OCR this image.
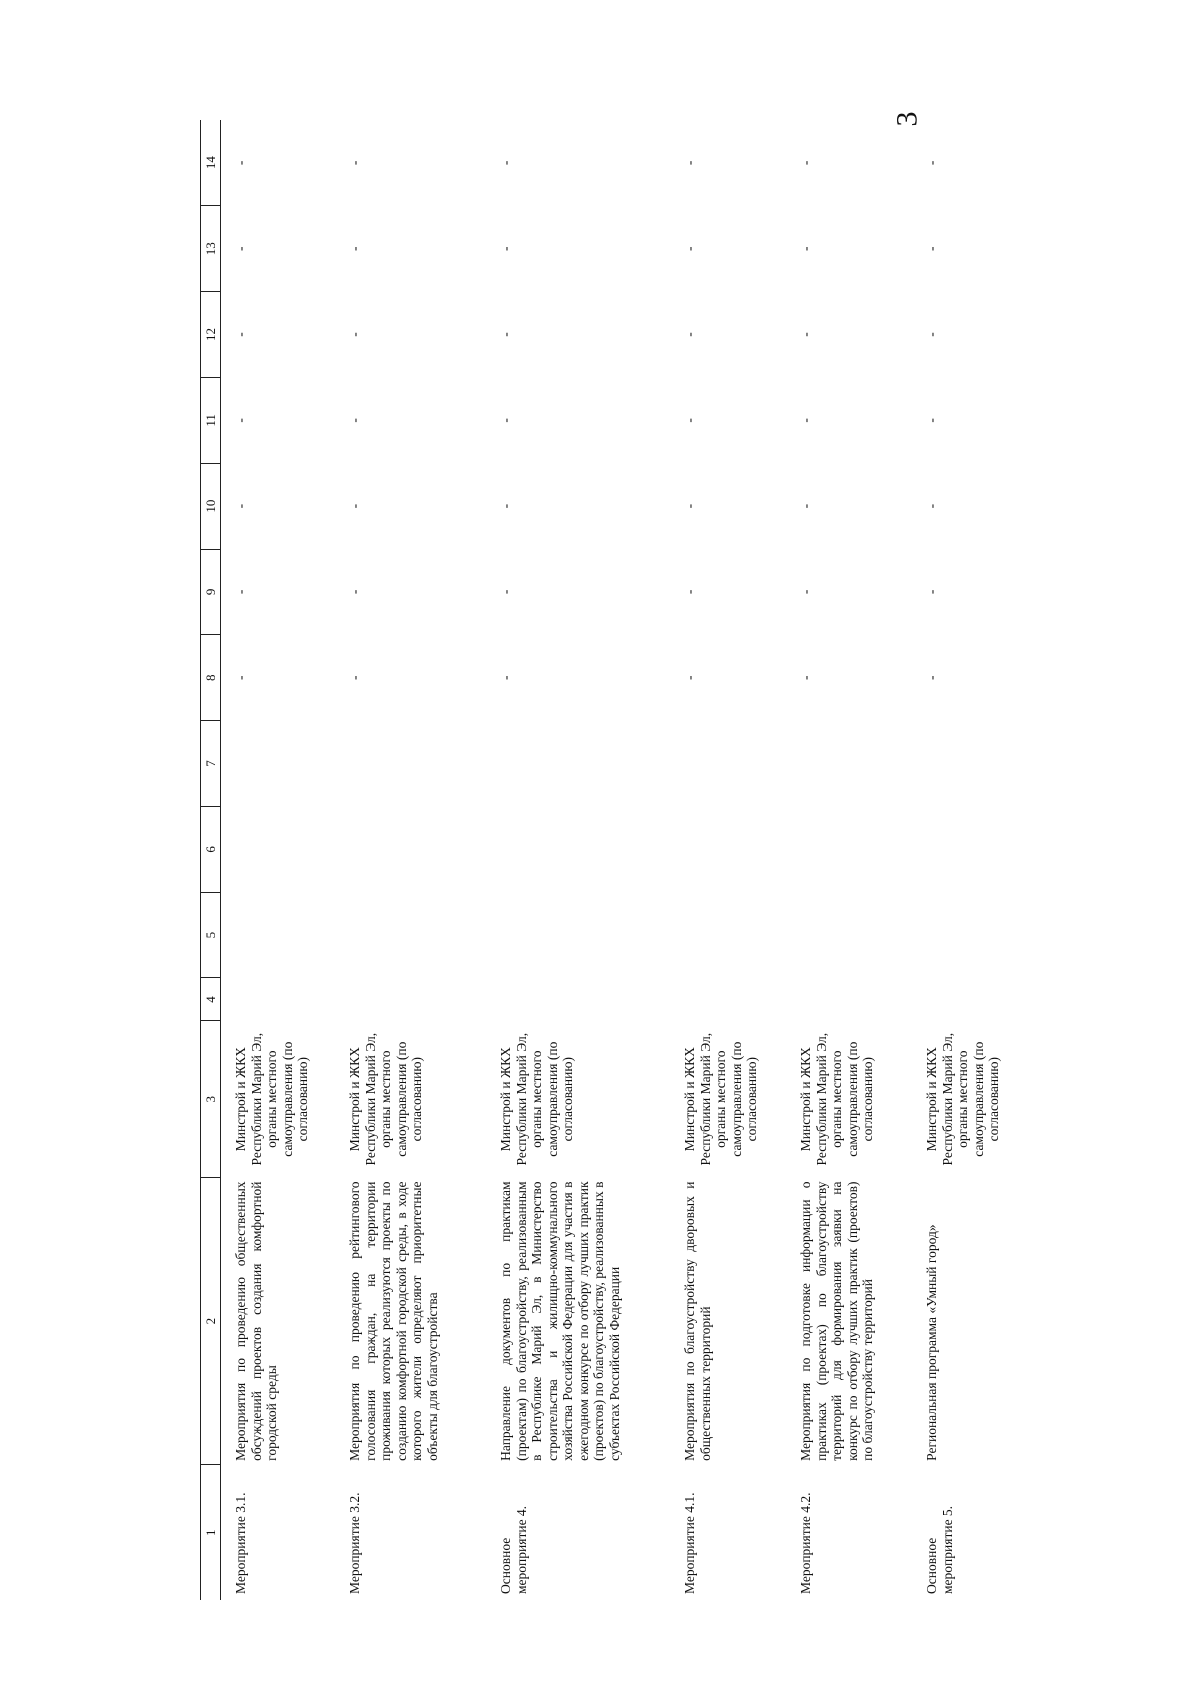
3
1	2	3	4	5	6	7	8	9	10	11	12	13	14
Мероприятие 3.1.	Мероприятия по проведению общественных обсуждений проектов создания комфортной городской среды	Минстрой и ЖКХ Республики Марий Эл, органы местного самоуправления (по согласованию)					-	-	-	-	-	-	-
Мероприятие 3.2.	Мероприятия по проведению рейтингового голосования граждан, на территории проживания которых реализуются проекты по созданию комфортной городской среды, в ходе которого жители определяют приоритетные объекты для благоустройства	Минстрой и ЖКХ Республики Марий Эл, органы местного самоуправления (по согласованию)					-	-	-	-	-	-	-
Основное мероприятие 4.	Направление документов по практикам (проектам) по благоустройству, реализованным в Республике Марий Эл, в Министерство строительства и жилищно-коммунального хозяйства Российской Федерации для участия в ежегодном конкурсе по отбору лучших практик (проектов) по благоустройству, реализованных в субъектах Российской Федерации	Минстрой и ЖКХ Республики Марий Эл, органы местного самоуправления (по согласованию)					-	-	-	-	-	-	-
Мероприятие 4.1.	Мероприятия по благоустройству дворовых и общественных территорий	Минстрой и ЖКХ Республики Марий Эл, органы местного самоуправления (по согласованию)					-	-	-	-	-	-	-
Мероприятие 4.2.	Мероприятия по подготовке информации о практиках (проектах) по благоустройству территорий для формирования заявки на конкурс по отбору лучших практик (проектов) по благоустройству территорий	Минстрой и ЖКХ Республики Марий Эл, органы местного самоуправления (по согласованию)					-	-	-	-	-	-	-
Основное мероприятие 5.	Региональная программа «Умный город»	Минстрой и ЖКХ Республики Марий Эл, органы местного самоуправления (по согласованию)					-	-	-	-	-	-	-
